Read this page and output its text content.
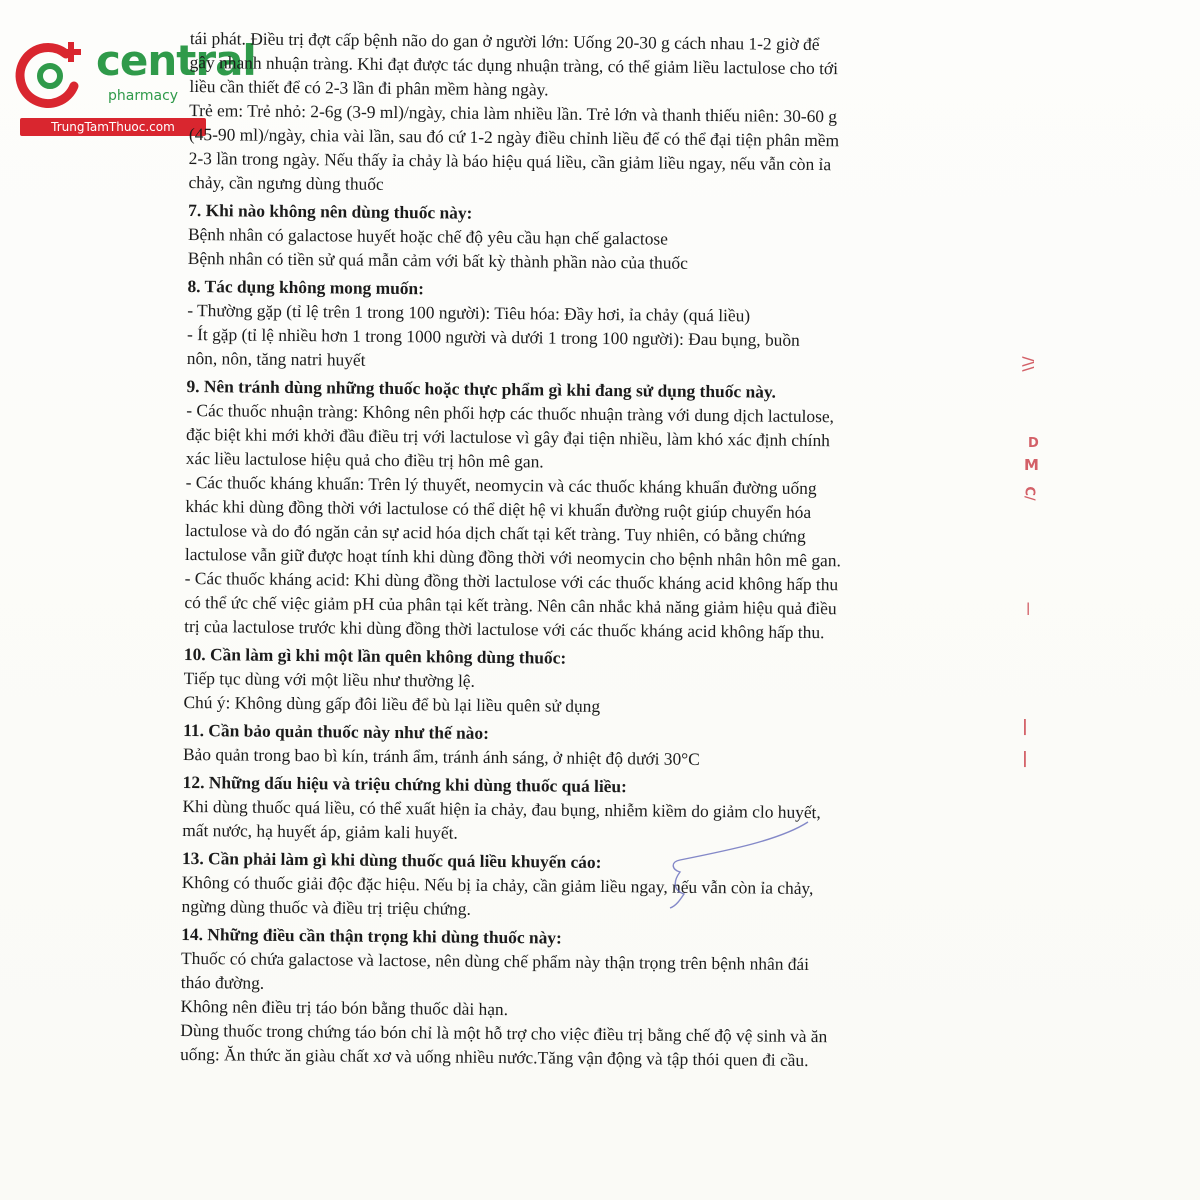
central
pharmacy
TrungTamThuoc.com
tái phát. Điều trị đợt cấp bệnh não do gan ở người lớn: Uống 20-30 g cách nhau 1-2 giờ để
gây nhanh nhuận tràng. Khi đạt được tác dụng nhuận tràng, có thể giảm liều lactulose cho tới
liều cần thiết để có 2-3 lần đi phân mềm hàng ngày.
Trẻ em: Trẻ nhỏ: 2-6g (3-9 ml)/ngày, chia làm nhiều lần. Trẻ lớn và thanh thiếu niên: 30-60 g
(45-90 ml)/ngày, chia vài lần, sau đó cứ 1-2 ngày điều chỉnh liều để có thể đại tiện phân mềm
2-3 lần trong ngày. Nếu thấy ỉa chảy là báo hiệu quá liều, cần giảm liều ngay, nếu vẫn còn ỉa
chảy, cần ngưng dùng thuốc
7. Khi nào không nên dùng thuốc này:
Bệnh nhân có galactose huyết hoặc chế độ yêu cầu hạn chế galactose
Bệnh nhân có tiền sử quá mẫn cảm với bất kỳ thành phần nào của thuốc
8. Tác dụng không mong muốn:
- Thường gặp (tỉ lệ trên 1 trong 100 người): Tiêu hóa: Đầy hơi, ỉa chảy (quá liều)
- Ít gặp (tỉ lệ nhiều hơn 1 trong 1000 người và dưới 1 trong 100 người): Đau bụng, buồn
nôn, nôn, tăng natri huyết
9. Nên tránh dùng những thuốc hoặc thực phẩm gì khi đang sử dụng thuốc này.
- Các thuốc nhuận tràng: Không nên phối hợp các thuốc nhuận tràng với dung dịch lactulose,
đặc biệt khi mới khởi đầu điều trị với lactulose vì gây đại tiện nhiều, làm khó xác định chính
xác liều lactulose hiệu quả cho điều trị hôn mê gan.
- Các thuốc kháng khuẩn: Trên lý thuyết, neomycin và các thuốc kháng khuẩn đường uống
khác khi dùng đồng thời với lactulose có thể diệt hệ vi khuẩn đường ruột giúp chuyển hóa
lactulose và do đó ngăn cản sự acid hóa dịch chất tại kết tràng. Tuy nhiên, có bằng chứng
lactulose vẫn giữ được hoạt tính khi dùng đồng thời với neomycin cho bệnh nhân hôn mê gan.
- Các thuốc kháng acid: Khi dùng đồng thời lactulose với các thuốc kháng acid không hấp thu
có thể ức chế việc giảm pH của phân tại kết tràng. Nên cân nhắc khả năng giảm hiệu quả điều
trị của lactulose trước khi dùng đồng thời lactulose với các thuốc kháng acid không hấp thu.
10. Cần làm gì khi một lần quên không dùng thuốc:
Tiếp tục dùng với một liều như thường lệ.
Chú ý: Không dùng gấp đôi liều để bù lại liều quên sử dụng
11. Cần bảo quản thuốc này như thế nào:
Bảo quản trong bao bì kín, tránh ẩm, tránh ánh sáng, ở nhiệt độ dưới 30°C
12. Những dấu hiệu và triệu chứng khi dùng thuốc quá liều:
Khi dùng thuốc quá liều, có thể xuất hiện ỉa chảy, đau bụng, nhiễm kiềm do giảm clo huyết,
mất nước, hạ huyết áp, giảm kali huyết.
13. Cần phải làm gì khi dùng thuốc quá liều khuyến cáo:
Không có thuốc giải độc đặc hiệu. Nếu bị ỉa chảy, cần giảm liều ngay, nếu vẫn còn ỉa chảy,
ngừng dùng thuốc và điều trị triệu chứng.
14. Những điều cần thận trọng khi dùng thuốc này:
Thuốc có chứa galactose và lactose, nên dùng chế phẩm này thận trọng trên bệnh nhân đái
tháo đường.
Không nên điều trị táo bón bằng thuốc dài hạn.
Dùng thuốc trong chứng táo bón chỉ là một hỗ trợ cho việc điều trị bằng chế độ vệ sinh và ăn
uống: Ăn thức ăn giàu chất xơ và uống nhiều nước.Tăng vận động và tập thói quen đi cầu.
/\\
D
M
C/
|
|
|
